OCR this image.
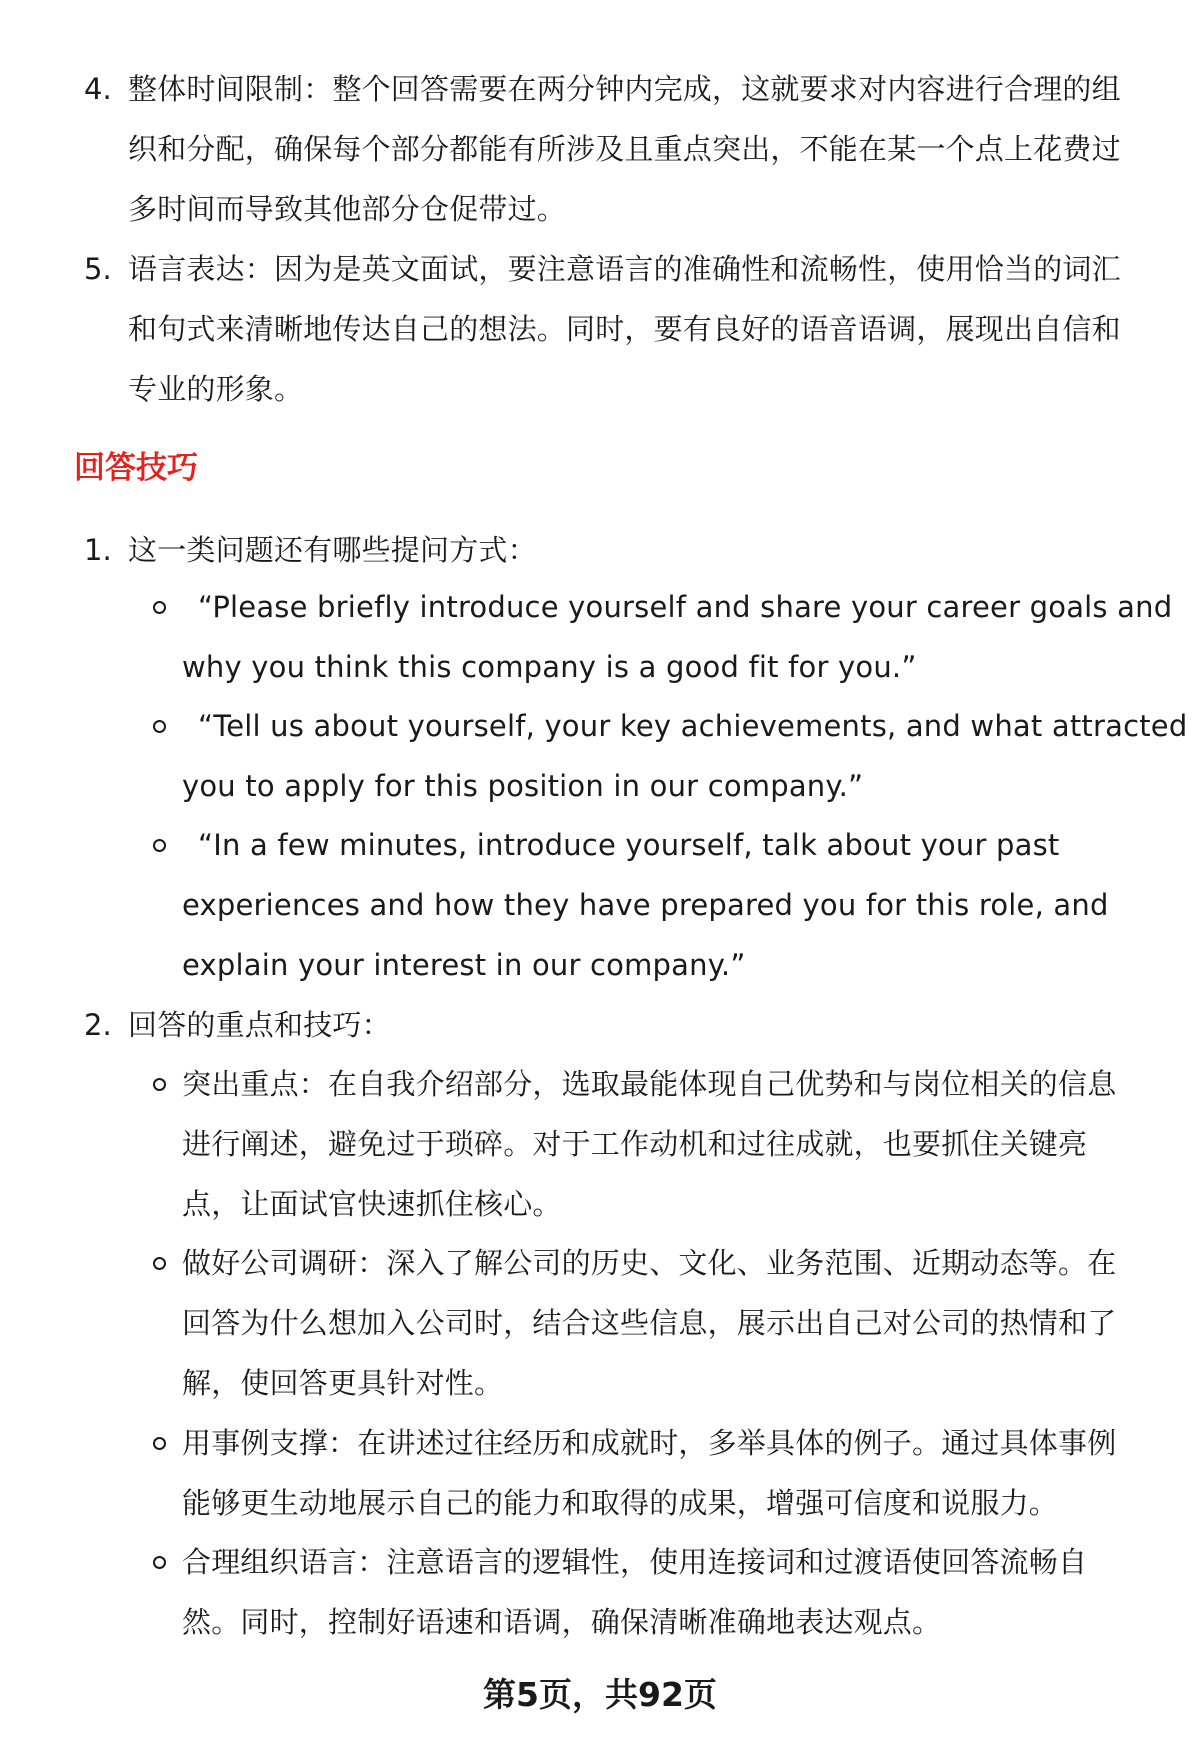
​
4. 整体时间限制：整个回答需要在两分钟内完成，这就要求对内容进行合理的组
织和分配，确保每个部分都能有所涉及且重点突出，不能在某一个点上花费过
多时间而导致其他部分仓促带过。
5. 语言表达：因为是英文面试，要注意语言的准确性和流畅性，使用恰当的词汇
和句式来清晰地传达自己的想法。同时，要有良好的语音语调，展现出自信和
专业的形象。
回答技巧
1. 这一类问题还有哪些提问方式：
“Please briefly introduce yourself and share your career goals and
why you think this company is a good fit for you.”
“Tell us about yourself, your key achievements, and what attracted
you to apply for this position in our company.”
“In a few minutes, introduce yourself, talk about your past
experiences and how they have prepared you for this role, and
explain your interest in our company.”
2. 回答的重点和技巧：
突出重点：在自我介绍部分，选取最能体现自己优势和与岗位相关的信息
进行阐述，避免过于琐碎。对于工作动机和过往成就，也要抓住关键亮
点，让面试官快速抓住核心。
做好公司调研：深入了解公司的历史、文化、业务范围、近期动态等。在
回答为什么想加入公司时，结合这些信息，展示出自己对公司的热情和了
解，使回答更具针对性。
用事例支撑：在讲述过往经历和成就时，多举具体的例子。通过具体事例
能够更生动地展示自己的能力和取得的成果，增强可信度和说服力。
合理组织语言：注意语言的逻辑性，使用连接词和过渡语使回答流畅自
然。同时，控制好语速和语调，确保清晰准确地表达观点。
第5页，共92页
